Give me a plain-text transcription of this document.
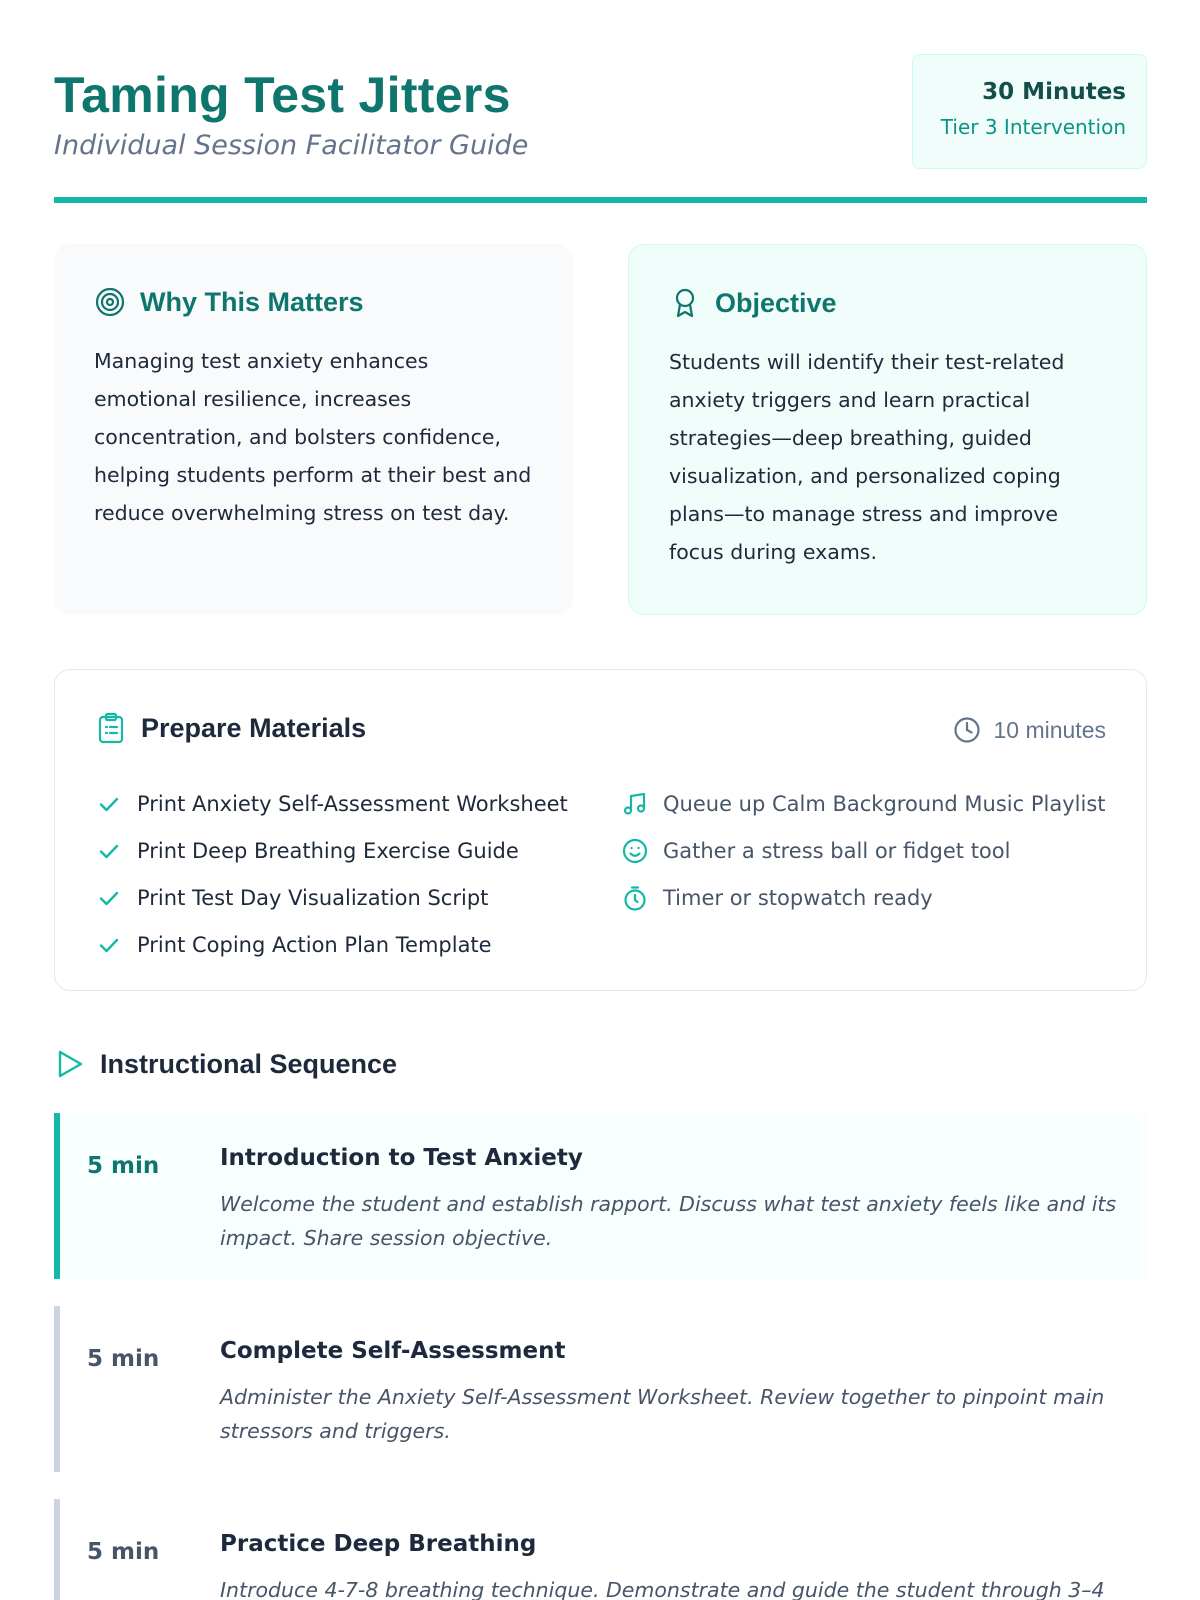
Taming Test Jitters
Individual Session Facilitator Guide
30 Minutes
Tier 3 Intervention
Why This Matters
Managing test anxiety enhances emotional resilience, increases concentration, and bolsters confidence, helping students perform at their best and reduce overwhelming stress on test day.
Objective
Students will identify their test-related anxiety triggers and learn practical strategies—deep breathing, guided visualization, and personalized coping plans—to manage stress and improve focus during exams.
Prepare Materials	10 minutes
Print Anxiety Self-Assessment Worksheet
Print Deep Breathing Exercise Guide
Print Test Day Visualization Script
Print Coping Action Plan Template
Queue up Calm Background Music Playlist
Gather a stress ball or fidget tool
Timer or stopwatch ready
Instructional Sequence
5 min	Introduction to Test Anxiety
Welcome the student and establish rapport. Discuss what test anxiety feels like and its impact. Share session objective.
5 min	Complete Self-Assessment
Administer the Anxiety Self-Assessment Worksheet. Review together to pinpoint main stressors and triggers.
5 min	Practice Deep Breathing
Introduce 4-7-8 breathing technique. Demonstrate and guide the student through 3–4
